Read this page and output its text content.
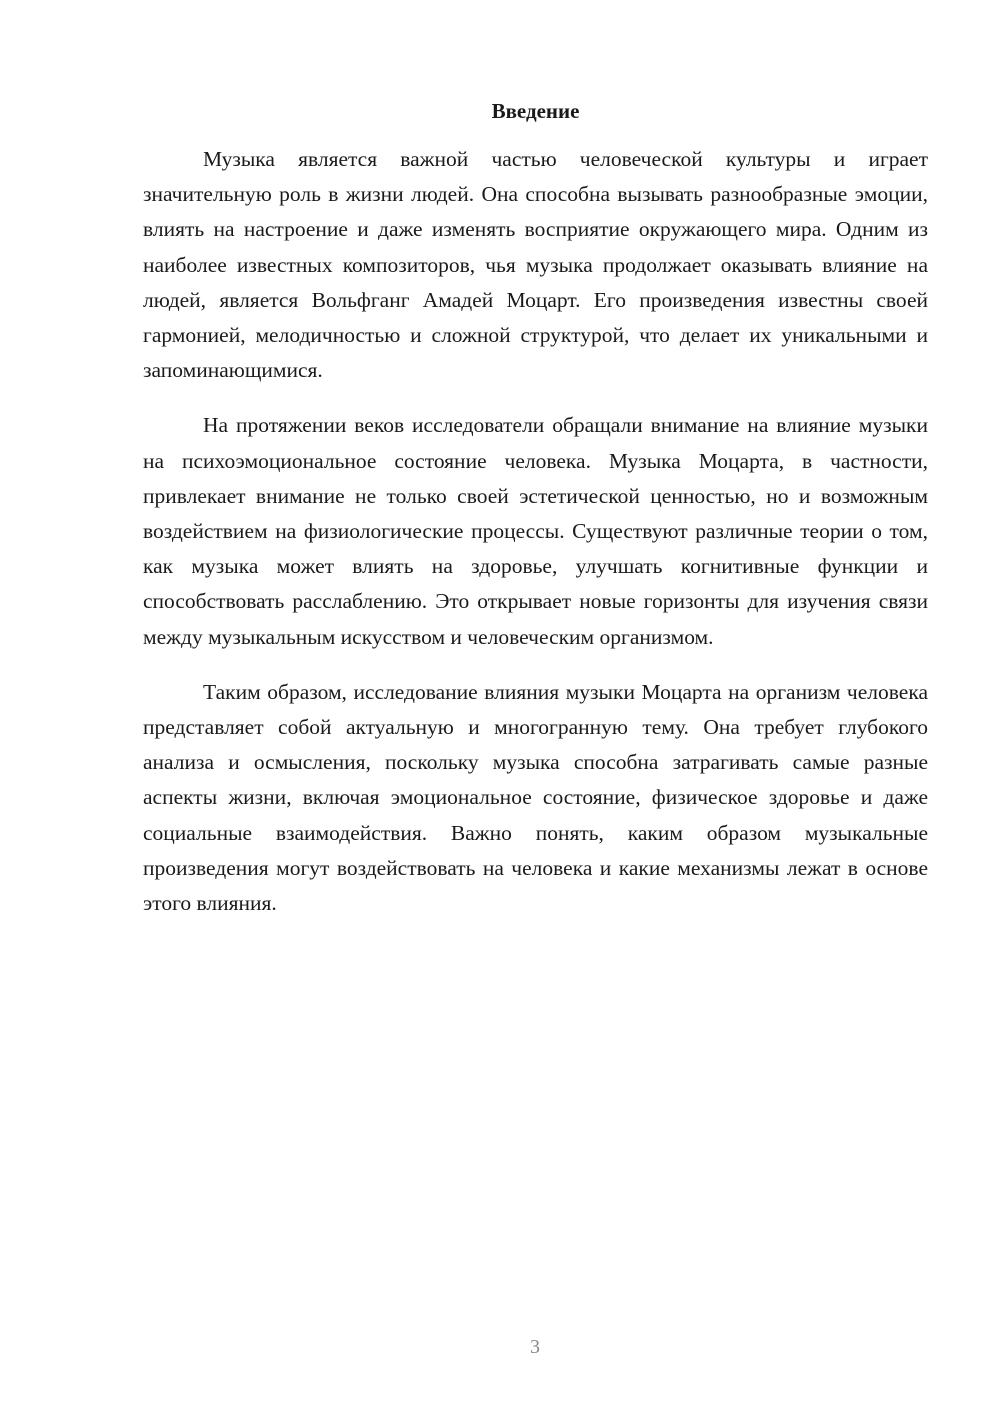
Введение

Музыка является важной частью человеческой культуры и играет значительную роль в жизни людей. Она способна вызывать разнообразные эмоции, влиять на настроение и даже изменять восприятие окружающего мира. Одним из наиболее известных композиторов, чья музыка продолжает оказывать влияние на людей, является Вольфганг Амадей Моцарт. Его произведения известны своей гармонией, мелодичностью и сложной структурой, что делает их уникальными и запоминающимися.

На протяжении веков исследователи обращали внимание на влияние музыки на психоэмоциональное состояние человека. Музыка Моцарта, в частности, привлекает внимание не только своей эстетической ценностью, но и возможным воздействием на физиологические процессы. Существуют различные теории о том, как музыка может влиять на здоровье, улучшать когнитивные функции и способствовать расслаблению. Это открывает новые горизонты для изучения связи между музыкальным искусством и человеческим организмом.

Таким образом, исследование влияния музыки Моцарта на организм человека представляет собой актуальную и многогранную тему. Она требует глубокого анализа и осмысления, поскольку музыка способна затрагивать самые разные аспекты жизни, включая эмоциональное состояние, физическое здоровье и даже социальные взаимодействия. Важно понять, каким образом музыкальные произведения могут воздействовать на человека и какие механизмы лежат в основе этого влияния.

3
